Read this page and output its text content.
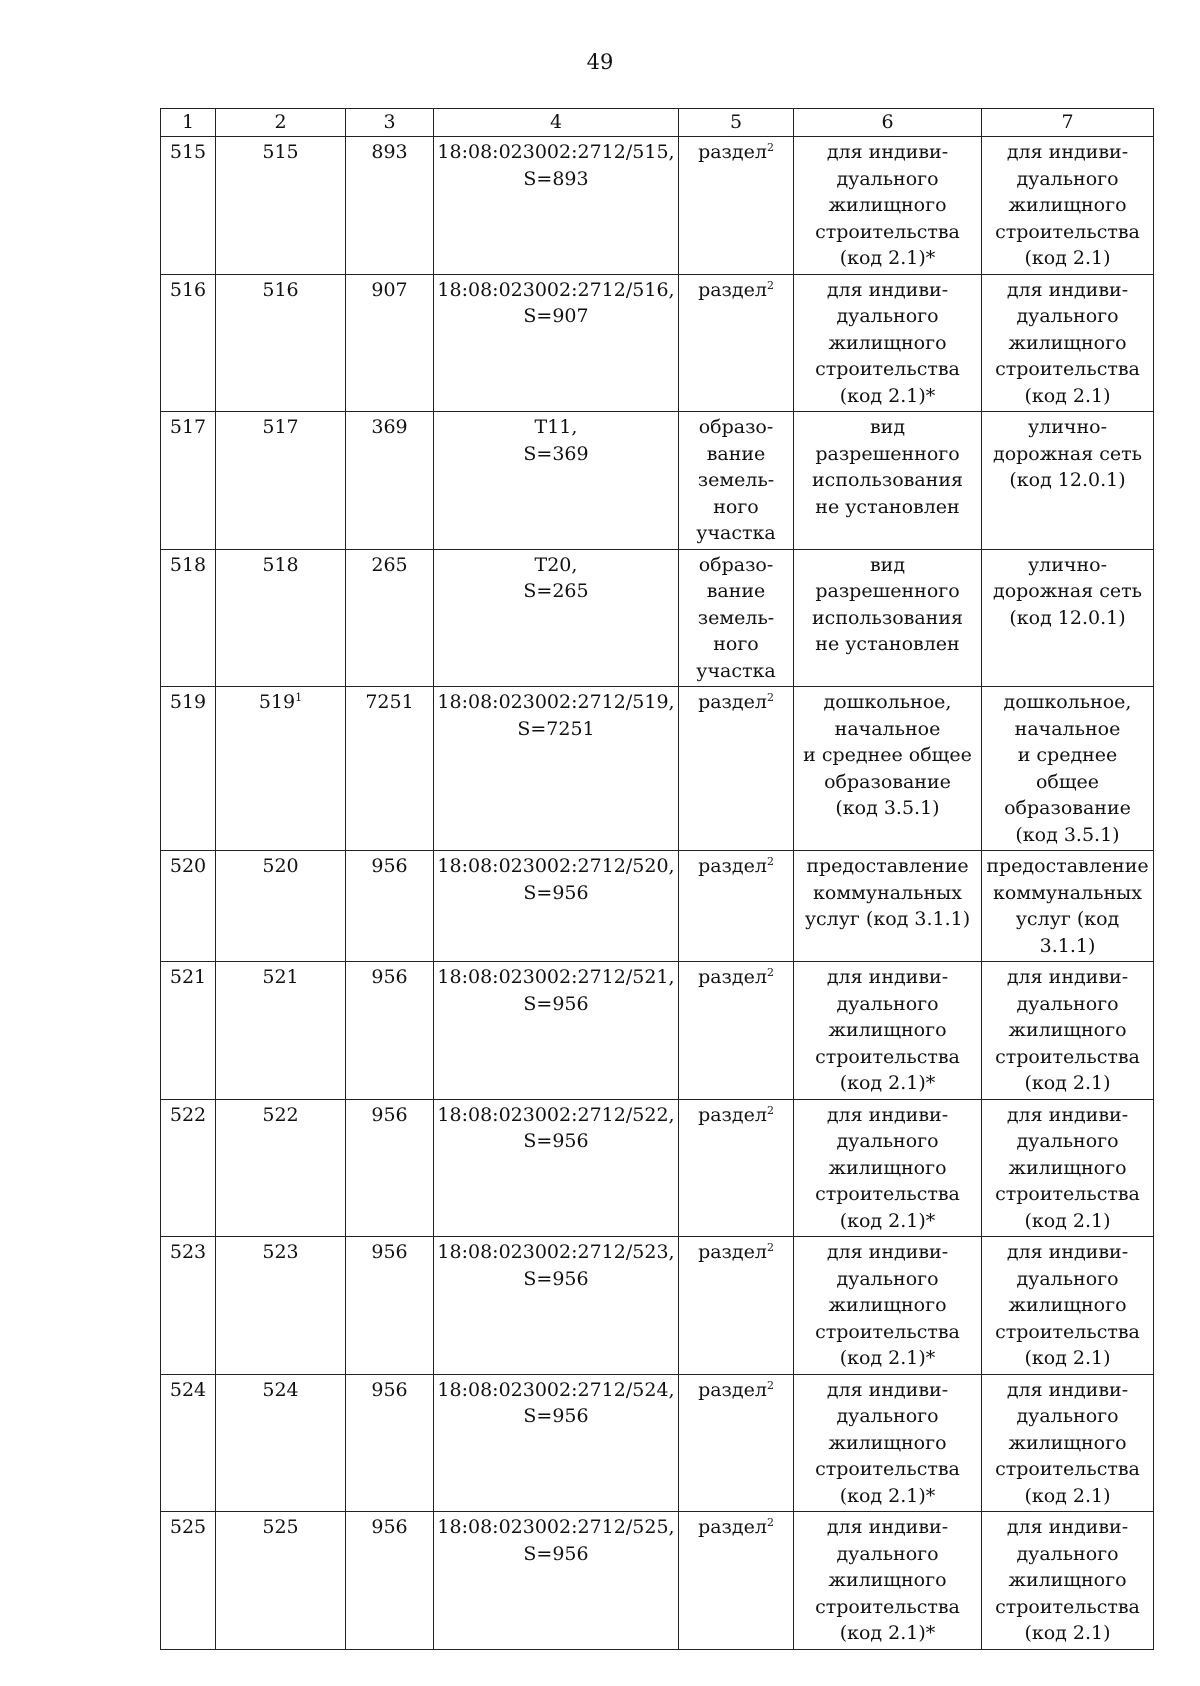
49
1	2	3	4	5	6	7
515	515	893	18:08:023002:2712/515,
S=893	раздел$^2$	для индиви-
дуального
жилищного
строительства
(код 2.1)*	для индиви-
дуального
жилищного
строительства
(код 2.1)
516	516	907	18:08:023002:2712/516,
S=907	раздел$^2$	для индиви-
дуального
жилищного
строительства
(код 2.1)*	для индиви-
дуального
жилищного
строительства
(код 2.1)
517	517	369	Т11,
S=369	образо-
вание
земель-
ного
участка	вид
разрешенного
использования
не установлен	улично-
дорожная сеть
(код 12.0.1)
518	518	265	Т20,
S=265	образо-
вание
земель-
ного
участка	вид
разрешенного
использования
не установлен	улично-
дорожная сеть
(код 12.0.1)
519	$519^1$	7251	18:08:023002:2712/519,
S=7251	раздел$^2$	дошкольное,
начальное
и среднее общее
образование
(код 3.5.1)	дошкольное,
начальное
и среднее общее
образование
(код 3.5.1)
520	520	956	18:08:023002:2712/520,
S=956	раздел$^2$	предоставление
коммунальных
услуг (код 3.1.1)	предоставление
коммунальных
услуг (код 3.1.1)
521	521	956	18:08:023002:2712/521,
S=956	раздел$^2$	для индиви-
дуального
жилищного
строительства
(код 2.1)*	для индиви-
дуального
жилищного
строительства
(код 2.1)
522	522	956	18:08:023002:2712/522,
S=956	раздел$^2$	для индиви-
дуального
жилищного
строительства
(код 2.1)*	для индиви-
дуального
жилищного
строительства
(код 2.1)
523	523	956	18:08:023002:2712/523,
S=956	раздел$^2$	для индиви-
дуального
жилищного
строительства
(код 2.1)*	для индиви-
дуального
жилищного
строительства
(код 2.1)
524	524	956	18:08:023002:2712/524,
S=956	раздел$^2$	для индиви-
дуального
жилищного
строительства
(код 2.1)*	для индиви-
дуального
жилищного
строительства
(код 2.1)
525	525	956	18:08:023002:2712/525,
S=956	раздел$^2$	для индиви-
дуального
жилищного
строительства
(код 2.1)*	для индиви-
дуального
жилищного
строительства
(код 2.1)
